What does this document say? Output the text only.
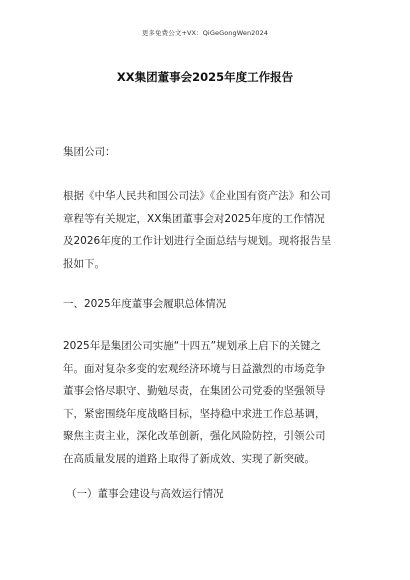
更多免费公文+VX：QiGeGongWen2024
XX集团董事会2025年度工作报告
集团公司：
根据《中华人民共和国公司法》《企业国有资产法》和公司
章程等有关规定，XX集团董事会对2025年度的工作情况
及2026年度的工作计划进行全面总结与规划。现将报告呈
报如下。
一、2025年度董事会履职总体情况
2025年是集团公司实施“十四五”规划承上启下的关键之
年。面对复杂多变的宏观经济环境与日益激烈的市场竞争
董事会恪尽职守、勤勉尽责，在集团公司党委的坚强领导
下，紧密围绕年度战略目标，坚持稳中求进工作总基调，
聚焦主责主业，深化改革创新，强化风险防控，引领公司
在高质量发展的道路上取得了新成效、实现了新突破。
（一）董事会建设与高效运行情况
